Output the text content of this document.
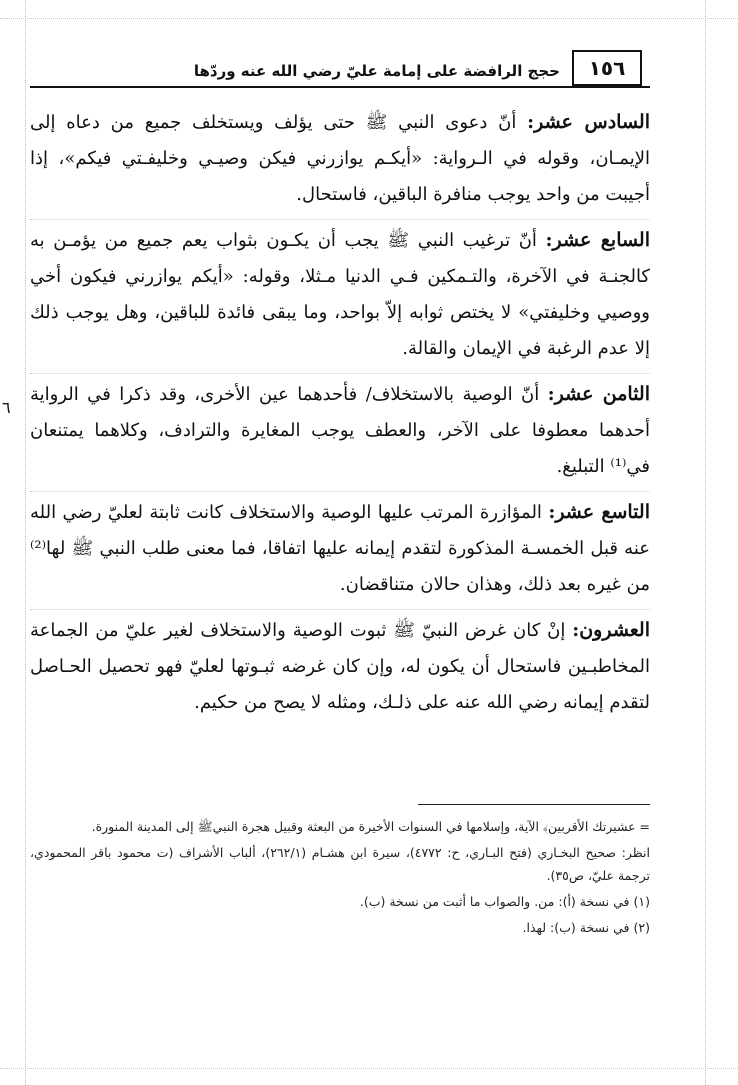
١٥٦
حجج الرافضة على إمامة عليّ رضي الله عنه وردّها
٦

السادس عشر: أنّ دعوى النبي ﷺ حتى يؤلف ويستخلف جميع من دعاه إلى الإيمـان، وقوله في الـرواية: «أيكـم يوازرني فيكن وصيـي وخليفـتي فيكم»، إذا أجيبت من واحد يوجب منافرة الباقين، فاستحال.

السابع عشر: أنّ ترغيب النبي ﷺ يجب أن يكـون بثواب يعم جميع من يؤمـن به كالجنـة في الآخرة، والتـمكين فـي الدنيا مـثلا، وقوله: «أيكم يوازرني فيكون أخي ووصيي وخليفتي» لا يختص ثوابه إلاّ بواحد، وما يبقى فائدة للباقين، وهل يوجب ذلك إلا عدم الرغبة في الإيمان والقالة.

الثامن عشر: أنّ الوصية بالاستخلاف/ فأحدهما عين الأخرى، وقد ذكرا في الرواية أحدهما معطوفا على الآخر، والعطف يوجب المغايرة والترادف، وكلاهما يمتنعان في⁽¹⁾ التبليغ.

التاسع عشر: المؤازرة المرتب عليها الوصية والاستخلاف كانت ثابتة لعليّ رضي الله عنه قبل الخمسـة المذكورة لتقدم إيمانه عليها اتفاقا، فما معنى طلب النبي ﷺ لها⁽²⁾ من غيره بعد ذلك، وهذان حالان متناقضان.

العشرون: إنْ كان غرض النبيّ ﷺ ثبوت الوصية والاستخلاف لغير عليّ من الجماعة المخاطبـين فاستحال أن يكون له، وإن كان غرضه ثبـوتها لعليّ فهو تحصيل الحـاصل لتقدم إيمانه رضي الله عنه على ذلـك، ومثله لا يصح من حكيم.

= عشيرتك الأقربين﴾ الآية، وإسلامها في السنوات الأخيرة من البعثة وقبيل هجرة النبيﷺ إلى المدينة المنورة.

انظر: صحيح البخـاري (فتح البـاري، ح: ٤٧٧٢)، سيرة ابن هشـام (٢٦٢/١)، ألباب الأشراف (ت محمود باقر المحمودي، ترجمة عليّ، ص٣٥).

(١) في نسخة (أ): من. والصواب ما أثبت من نسخة (ب).

(٢) في نسخة (ب): لهذا.
